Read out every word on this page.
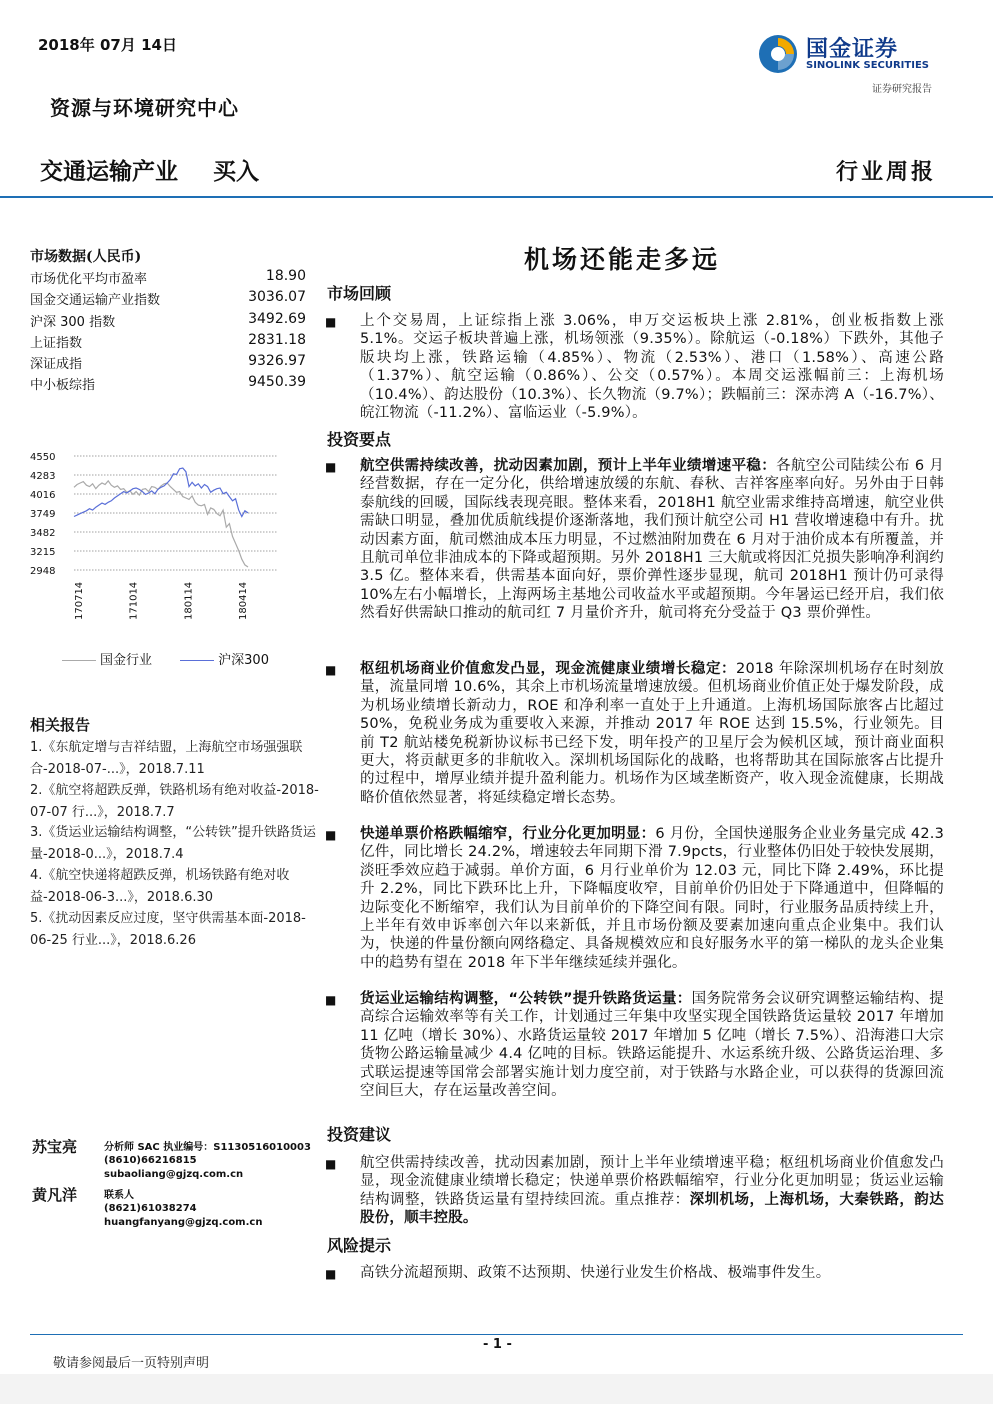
2018年 07月 14日	国金证券
SINOLINK SECURITIES
证券研究报告
资源与环境研究中心
交通运输产业 买入	行业周报
市场数据(人民币)
市场优化平均市盈率	18.90
国金交通运输产业指数	3036.07
沪深 300 指数	3492.69
上证指数	2831.18
深证成指	9326.97
中小板综指	9450.39
4550
4283
4016
3749
3482
3215
2948
170714	171014	180114	180414
国金行业	沪深300
相关报告
1.《东航定增与吉祥结盟，上海航空市场强强联合-2018-07-...》，2018.7.11
2.《航空将超跌反弹，铁路机场有绝对收益-2018-07-07 行...》，2018.7.7
3.《货运业运输结构调整，“公转铁”提升铁路货运量-2018-0...》，2018.7.4
4.《航空快递将超跌反弹，机场铁路有绝对收益-2018-06-3...》，2018.6.30
5.《扰动因素反应过度，坚守供需基本面-2018-06-25 行业...》，2018.6.26
苏宝亮	分析师 SAC 执业编号：S1130516010003
(8610)66216815
subaoliang@gjzq.com.cn
黄凡洋	联系人
(8621)61038274
huangfanyang@gjzq.com.cn
机场还能走多远
市场回顾
■ 上个交易周，上证综指上涨 3.06%，申万交运板块上涨 2.81%，创业板指数上涨 5.1%。交运子板块普遍上涨，机场领涨（9.35%）。除航运（-0.18%）下跌外，其他子版块均上涨，铁路运输（4.85%）、物流（2.53%）、港口（1.58%）、高速公路（1.37%）、航空运输（0.86%）、公交（0.57%）。本周交运涨幅前三：上海机场（10.4%）、韵达股份（10.3%）、长久物流（9.7%）；跌幅前三：深赤湾 A（-16.7%）、皖江物流（-11.2%）、富临运业（-5.9%）。
投资要点
■ 航空供需持续改善，扰动因素加剧，预计上半年业绩增速平稳：各航空公司陆续公布 6 月经营数据，存在一定分化，供给增速放缓的东航、春秋、吉祥客座率向好。另外由于日韩泰航线的回暖，国际线表现亮眼。整体来看，2018H1 航空业需求维持高增速，航空业供需缺口明显，叠加优质航线提价逐渐落地，我们预计航空公司 H1 营收增速稳中有升。扰动因素方面，航司燃油成本压力明显，不过燃油附加费在 6 月对于油价成本有所覆盖，并且航司单位非油成本的下降或超预期。另外 2018H1 三大航或将因汇兑损失影响净利润约 3.5 亿。整体来看，供需基本面向好，票价弹性逐步显现，航司 2018H1 预计仍可录得 10%左右小幅增长，上海两场主基地公司收益水平或超预期。今年暑运已经开启，我们依然看好供需缺口推动的航司红 7 月量价齐升，航司将充分受益于 Q3 票价弹性。
■ 枢纽机场商业价值愈发凸显，现金流健康业绩增长稳定：2018 年除深圳机场存在时刻放量，流量同增 10.6%，其余上市机场流量增速放缓。但机场商业价值正处于爆发阶段，成为机场业绩增长新动力，ROE 和净利率一直处于上升通道。上海机场国际旅客占比超过 50%，免税业务成为重要收入来源，并推动 2017 年 ROE 达到 15.5%，行业领先。目前 T2 航站楼免税新协议标书已经下发，明年投产的卫星厅会为候机区域，预计商业面积更大，将贡献更多的非航收入。深圳机场国际化的战略，也将帮助其在国际旅客占比提升的过程中，增厚业绩并提升盈利能力。机场作为区域垄断资产，收入现金流健康，长期战略价值依然显著，将延续稳定增长态势。
■ 快递单票价格跌幅缩窄，行业分化更加明显：6 月份，全国快递服务企业业务量完成 42.3 亿件，同比增长 24.2%，增速较去年同期下滑 7.9pcts，行业整体仍旧处于较快发展期，淡旺季效应趋于减弱。单价方面，6 月行业单价为 12.03 元，同比下降 2.49%，环比提升 2.2%，同比下跌环比上升，下降幅度收窄，目前单价仍旧处于下降通道中，但降幅的边际变化不断缩窄，我们认为目前单价的下降空间有限。同时，行业服务品质持续上升，上半年有效申诉率创六年以来新低，并且市场份额及要素加速向重点企业集中。我们认为，快递的件量份额向网络稳定、具备规模效应和良好服务水平的第一梯队的龙头企业集中的趋势有望在 2018 年下半年继续延续并强化。
■ 货运业运输结构调整，“公转铁”提升铁路货运量：国务院常务会议研究调整运输结构、提高综合运输效率等有关工作，计划通过三年集中攻坚实现全国铁路货运量较 2017 年增加 11 亿吨（增长 30%）、水路货运量较 2017 年增加 5 亿吨（增长 7.5%）、沿海港口大宗货物公路运输量减少 4.4 亿吨的目标。铁路运能提升、水运系统升级、公路货运治理、多式联运提速等国常会部署实施计划力度空前，对于铁路与水路企业，可以获得的货源回流空间巨大，存在运量改善空间。
投资建议
■ 航空供需持续改善，扰动因素加剧，预计上半年业绩增速平稳；枢纽机场商业价值愈发凸显，现金流健康业绩增长稳定；快递单票价格跌幅缩窄，行业分化更加明显；货运业运输结构调整，铁路货运量有望持续回流。重点推荐：深圳机场，上海机场，大秦铁路，韵达股份，顺丰控股。
风险提示
■ 高铁分流超预期、政策不达预期、快递行业发生价格战、极端事件发生。
- 1 -
敬请参阅最后一页特别声明
